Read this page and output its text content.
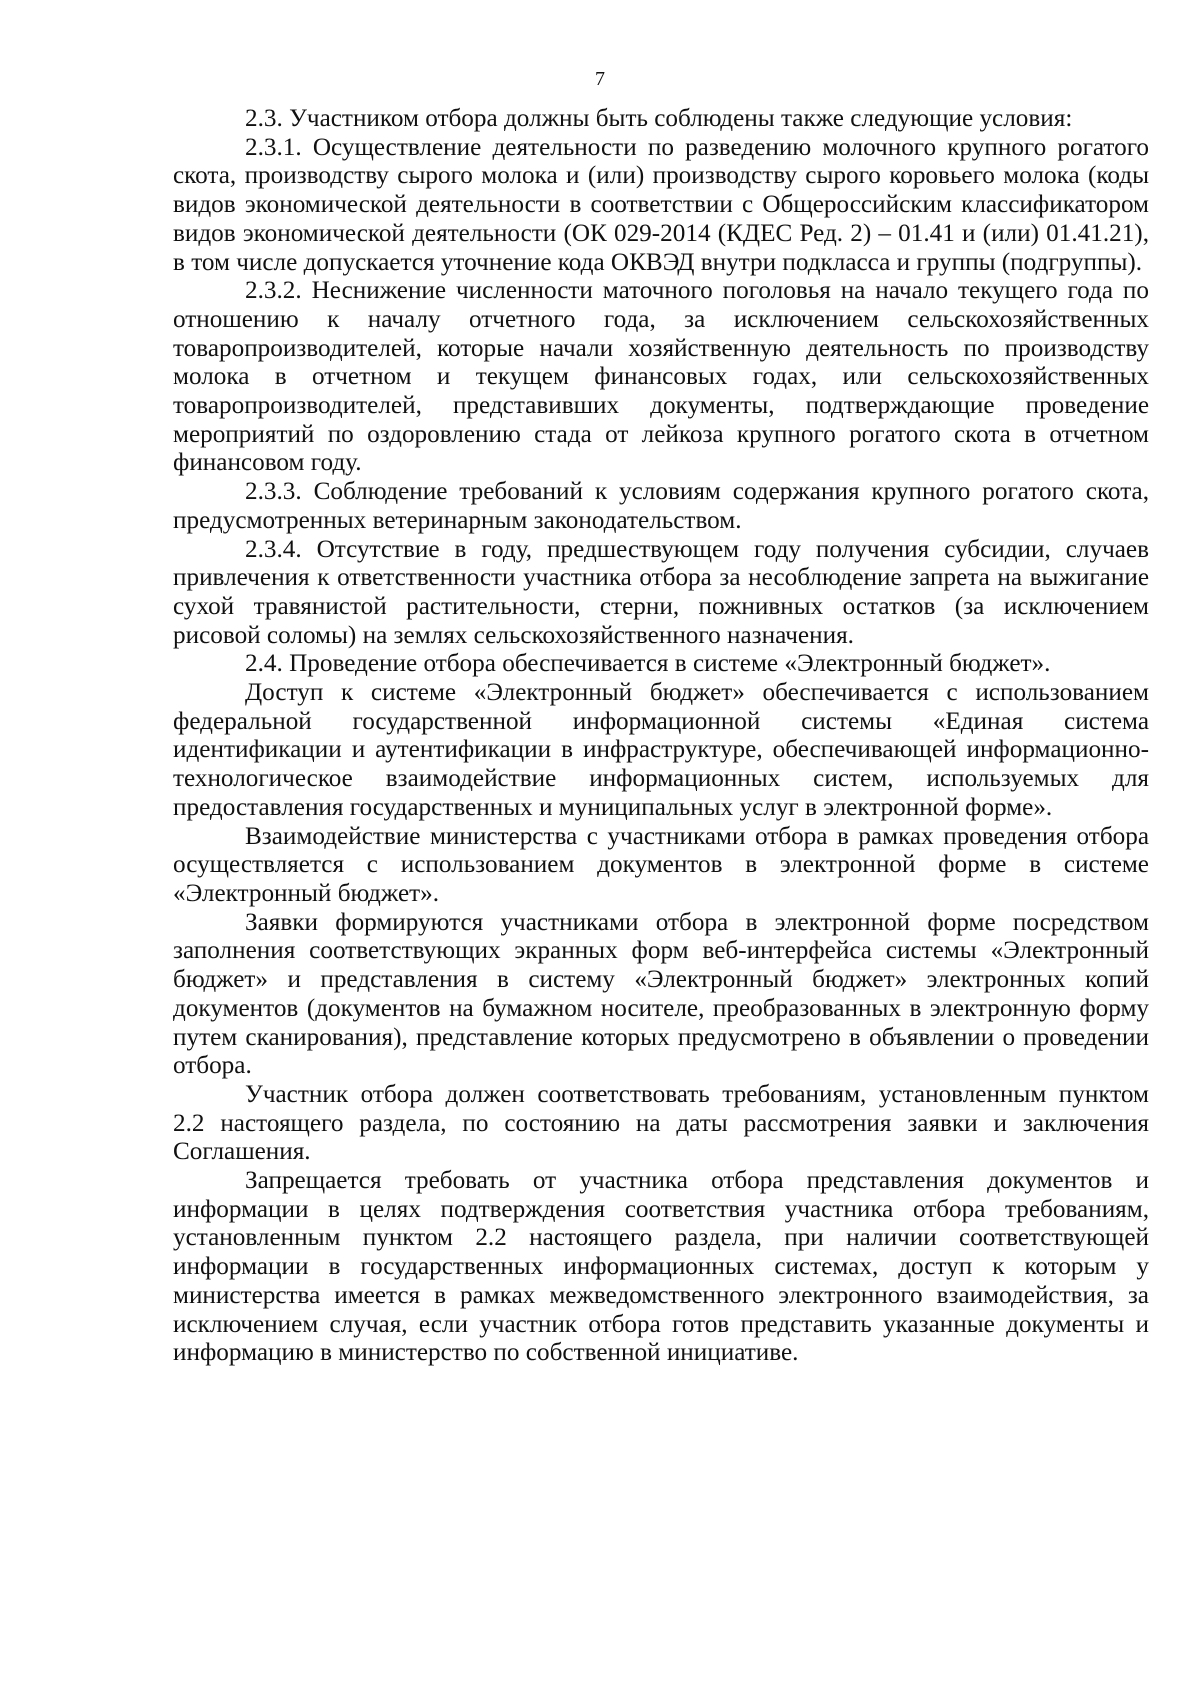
7

2.3. Участником отбора должны быть соблюдены также следующие условия:

2.3.1. Осуществление деятельности по разведению молочного крупного рогатого скота, производству сырого молока и (или) производству сырого коровьего молока (коды видов экономической деятельности в соответствии с Общероссийским классификатором видов экономической деятельности (ОК 029-2014 (КДЕС Ред. 2) – 01.41 и (или) 01.41.21), в том числе допускается уточнение кода ОКВЭД внутри подкласса и группы (подгруппы).

2.3.2. Неснижение численности маточного поголовья на начало текущего года по отношению к началу отчетного года, за исключением сельскохозяйственных товаропроизводителей, которые начали хозяйственную деятельность по производству молока в отчетном и текущем финансовых годах, или сельскохозяйственных товаропроизводителей, представивших документы, подтверждающие проведение мероприятий по оздоровлению стада от лейкоза крупного рогатого скота в отчетном финансовом году.

2.3.3. Соблюдение требований к условиям содержания крупного рогатого скота, предусмотренных ветеринарным законодательством.

2.3.4. Отсутствие в году, предшествующем году получения субсидии, случаев привлечения к ответственности участника отбора за несоблюдение запрета на выжигание сухой травянистой растительности, стерни, пожнивных остатков (за исключением рисовой соломы) на землях сельскохозяйственного назначения.

2.4. Проведение отбора обеспечивается в системе «Электронный бюджет».

Доступ к системе «Электронный бюджет» обеспечивается с использованием федеральной государственной информационной системы «Единая система идентификации и аутентификации в инфраструктуре, обеспечивающей информационно-технологическое взаимодействие информационных систем, используемых для предоставления государственных и муниципальных услуг в электронной форме».

Взаимодействие министерства с участниками отбора в рамках проведения отбора осуществляется с использованием документов в электронной форме в системе «Электронный бюджет».

Заявки формируются участниками отбора в электронной форме посредством заполнения соответствующих экранных форм веб-интерфейса системы «Электронный бюджет» и представления в систему «Электронный бюджет» электронных копий документов (документов на бумажном носителе, преобразованных в электронную форму путем сканирования), представление которых предусмотрено в объявлении о проведении отбора.

Участник отбора должен соответствовать требованиям, установленным пунктом 2.2 настоящего раздела, по состоянию на даты рассмотрения заявки и заключения Соглашения.

Запрещается требовать от участника отбора представления документов и информации в целях подтверждения соответствия участника отбора требованиям, установленным пунктом 2.2 настоящего раздела, при наличии соответствующей информации в государственных информационных системах, доступ к которым у министерства имеется в рамках межведомственного электронного взаимодействия, за исключением случая, если участник отбора готов представить указанные документы и информацию в министерство по собственной инициативе.
